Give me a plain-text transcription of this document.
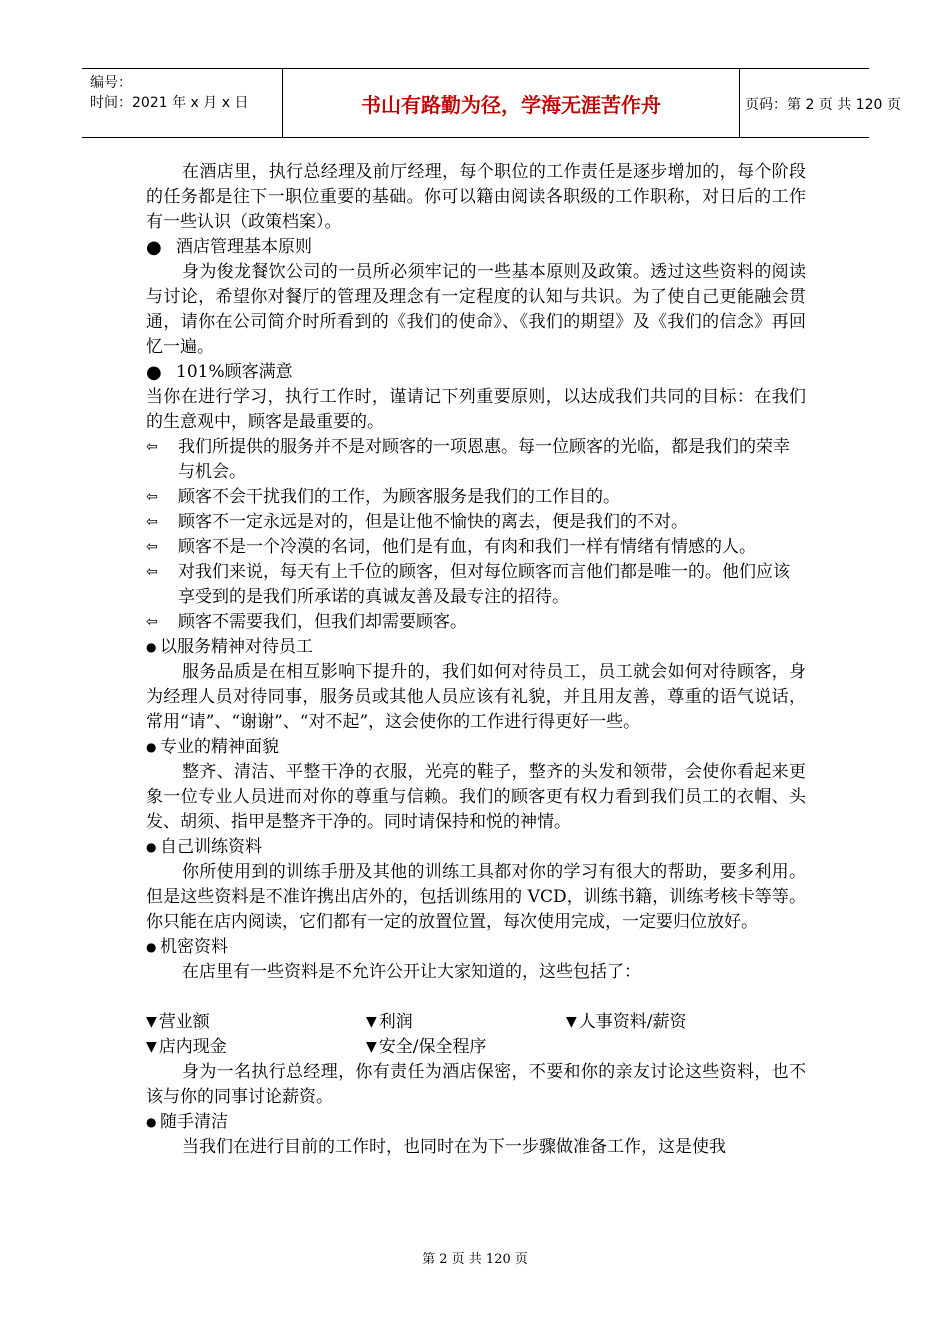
编号：
时间：2021 年 x 月 x 日	书山有路勤为径，学海无涯苦作舟	页码：第 2 页 共 120 页

在酒店里，执行总经理及前厅经理，每个职位的工作责任是逐步增加的，每个阶段的任务都是往下一职位重要的基础。你可以籍由阅读各职级的工作职称，对日后的工作有一些认识（政策档案）。

● 酒店管理基本原则

身为俊龙餐饮公司的一员所必须牢记的一些基本原则及政策。透过这些资料的阅读与讨论，希望你对餐厅的管理及理念有一定程度的认知与共识。为了使自己更能融会贯通，请你在公司简介时所看到的《我们的使命》、《我们的期望》及《我们的信念》再回忆一遍。

● 101%顾客满意

当你在进行学习，执行工作时，谨请记下列重要原则，以达成我们共同的目标：在我们的生意观中，顾客是最重要的。

⇦	我们所提供的服务并不是对顾客的一项恩惠。每一位顾客的光临，都是我们的荣幸与机会。
⇦	顾客不会干扰我们的工作，为顾客服务是我们的工作目的。
⇦	顾客不一定永远是对的，但是让他不愉快的离去，便是我们的不对。
⇦	顾客不是一个冷漠的名词，他们是有血，有肉和我们一样有情绪有情感的人。
⇦	对我们来说，每天有上千位的顾客，但对每位顾客而言他们都是唯一的。他们应该享受到的是我们所承诺的真诚友善及最专注的招待。
⇦	顾客不需要我们，但我们却需要顾客。
● 以服务精神对待员工

服务品质是在相互影响下提升的，我们如何对待员工，员工就会如何对待顾客，身为经理人员对待同事，服务员或其他人员应该有礼貌，并且用友善，尊重的语气说话，常用“请”、“谢谢”、“对不起”，这会使你的工作进行得更好一些。

● 专业的精神面貌

整齐、清洁、平整干净的衣服，光亮的鞋子，整齐的头发和领带，会使你看起来更象一位专业人员进而对你的尊重与信赖。我们的顾客更有权力看到我们员工的衣帽、头发、胡须、指甲是整齐干净的。同时请保持和悦的神情。

● 自己训练资料

你所使用到的训练手册及其他的训练工具都对你的学习有很大的帮助，要多利用。但是这些资料是不准许携出店外的，包括训练用的 VCD，训练书籍，训练考核卡等等。你只能在店内阅读，它们都有一定的放置位置，每次使用完成，一定要归位放好。

● 机密资料

在店里有一些资料是不允许公开让大家知道的，这些包括了：

▼ 营业额	▼ 利润	▼ 人事资料/薪资
▼ 店内现金	▼ 安全/保全程序

身为一名执行总经理，你有责任为酒店保密，不要和你的亲友讨论这些资料，也不该与你的同事讨论薪资。

● 随手清洁

当我们在进行目前的工作时，也同时在为下一步骤做准备工作，这是使我

第 2 页 共 120 页
